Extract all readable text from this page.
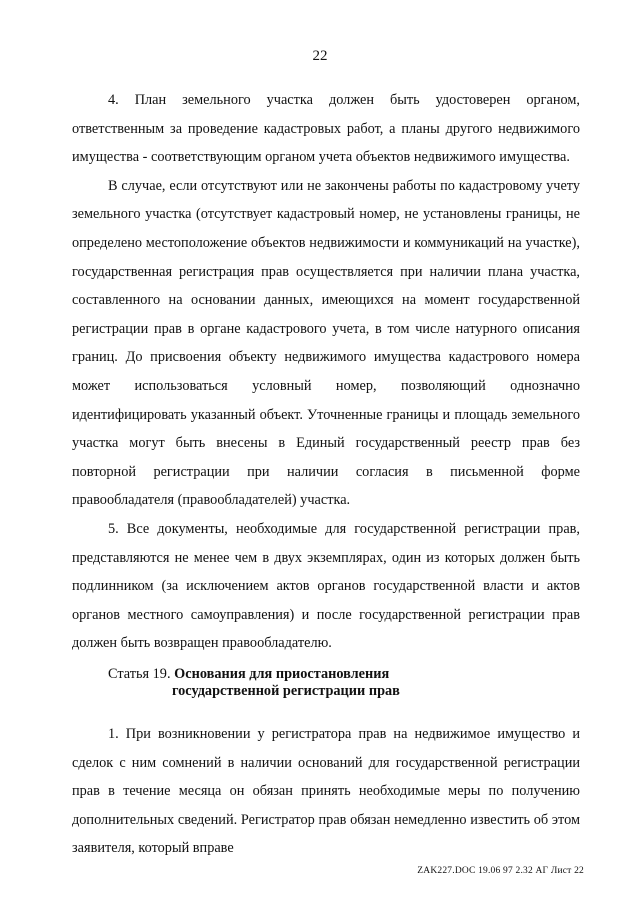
22

4. План земельного участка должен быть удостоверен органом, ответственным за проведение кадастровых работ, а планы другого недвижимого имущества - соответствующим органом учета объектов недвижимого имущества.

В случае, если отсутствуют или не закончены работы по кадастровому учету земельного участка (отсутствует кадастровый номер, не установлены границы, не определено местоположение объектов недвижимости и коммуникаций на участке), государственная регистрация прав осуществляется при наличии плана участка, составленного на основании данных, имеющихся на момент государственной регистрации прав в органе кадастрового учета, в том числе натурного описания границ. До присвоения объекту недвижимого имущества кадастрового номера может использоваться условный номер, позволяющий однозначно идентифицировать указанный объект. Уточненные границы и площадь земельного участка могут быть внесены в Единый государственный реестр прав без повторной регистрации при наличии согласия в письменной форме правообладателя (правообладателей) участка.

5. Все документы, необходимые для государственной регистрации прав, представляются не менее чем в двух экземплярах, один из которых должен быть подлинником (за исключением актов органов государственной власти и актов органов местного самоуправления) и после государственной регистрации прав должен быть возвращен правообладателю.

Статья 19. Основания для приостановления
государственной регистрации прав

1. При возникновении у регистратора прав на недвижимое имущество и сделок с ним сомнений в наличии оснований для государственной регистрации прав в течение месяца он обязан принять необходимые меры по получению дополнительных сведений. Регистратор прав обязан немедленно известить об этом заявителя, который вправе

ZAK227.DOC 19.06 97 2.32 АГ Лист 22
